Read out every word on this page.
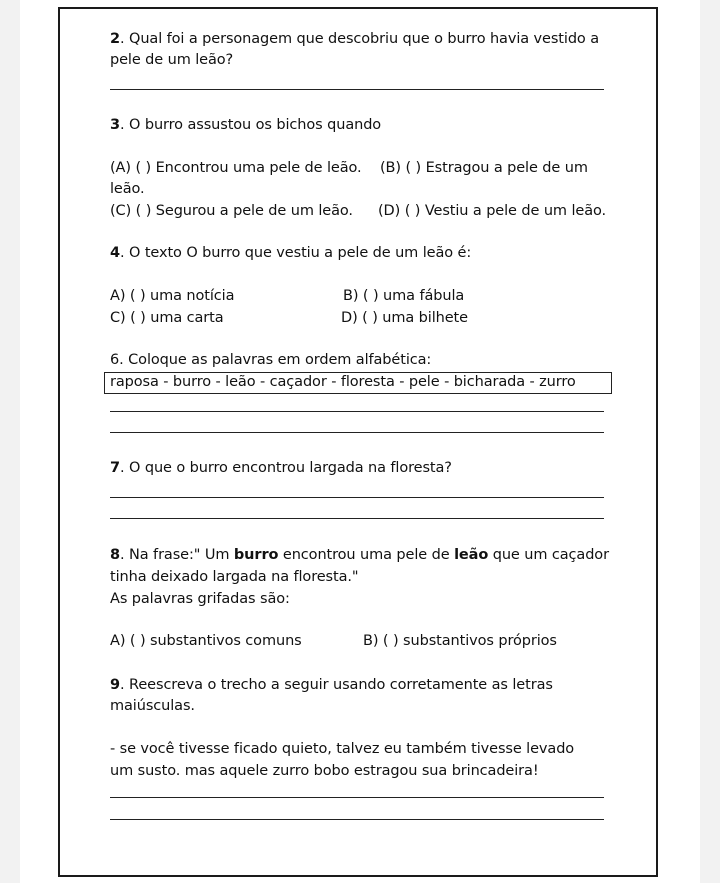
2. Qual foi a personagem que descobriu que o burro havia vestido a
pele de um leão?
3. O burro assustou os bichos quando
(A) ( ) Encontrou uma pele de leão. (B) ( ) Estragou a pele de um
leão.
(C) ( ) Segurou a pele de um leão. (D) ( ) Vestiu a pele de um leão.
4. O texto O burro que vestiu a pele de um leão é:
A) ( ) uma notícia	B) ( ) uma fábula
C) ( ) uma carta	D) ( ) uma bilhete
6. Coloque as palavras em ordem alfabética:
raposa - burro - leão - caçador - floresta - pele - bicharada - zurro
7. O que o burro encontrou largada na floresta?
8. Na frase:" Um burro encontrou uma pele de leão que um caçador
tinha deixado largada na floresta."
As palavras grifadas são:
A) ( ) substantivos comuns	B) ( ) substantivos próprios
9. Reescreva o trecho a seguir usando corretamente as letras
maiúsculas.
- se você tivesse ficado quieto, talvez eu também tivesse levado
um susto. mas aquele zurro bobo estragou sua brincadeira!
